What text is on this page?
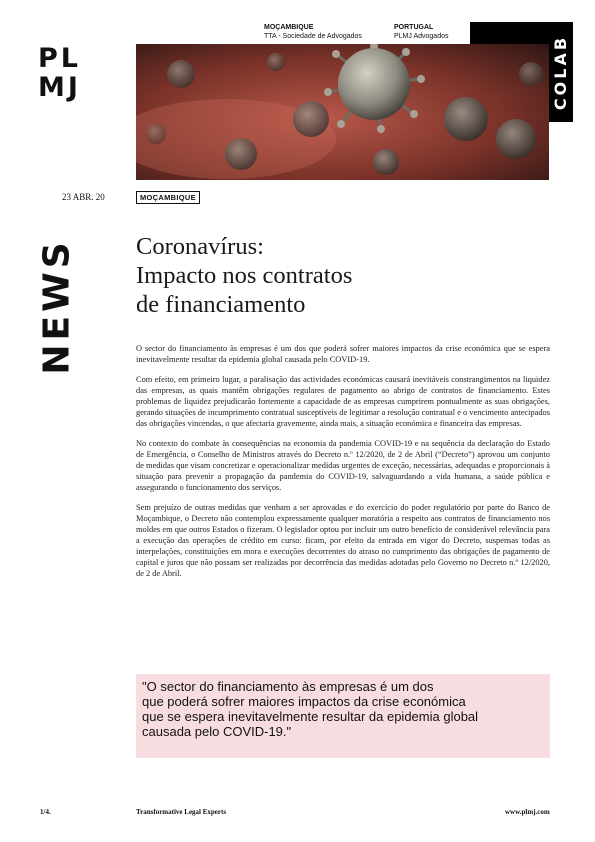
PL
MJ
MOÇAMBIQUE
TTA - Sociedade de Advogados
PORTUGAL
PLMJ Advogados	COLAB
23 ABR. 20	MOÇAMBIQUE
NEWS Coronavírus:
Impacto nos contratos
de financiamento

O sector do financiamento às empresas é um dos que poderá sofrer maiores impactos da crise económica que se espera inevitavelmente resultar da epidemia global causada pelo COVID-19.

Com efeito, em primeiro lugar, a paralisação das actividades económicas causará inevitáveis constrangimentos na liquidez das empresas, as quais mantêm obrigações regulares de pagamento ao abrigo de contratos de financiamento. Estes problemas de liquidez prejudicarão fortemente a capacidade de as empresas cumprirem pontualmente as suas obrigações, gerando situações de incumprimento contratual susceptíveis de legitimar a resolução contratual e o vencimento antecipados das obrigações vincendas, o que afectaria gravemente, ainda mais, a situação económica e financeira das empresas.

No contexto do combate às consequências na economia da pandemia COVID-19 e na sequência da declaração do Estado de Emergência, o Conselho de Ministros através do Decreto n.º 12/2020, de 2 de Abril (“Decreto”) aprovou um conjunto de medidas que visam concretizar e operacionalizar medidas urgentes de exceção, necessárias, adequadas e proporcionais à situação para prevenir a propagação da pandemia do COVID-19, salvaguardando a vida humana, a saúde pública e assegurando o funcionamento dos serviços.

Sem prejuízo de outras medidas que venham a ser aprovadas e do exercício do poder regulatório por parte do Banco de Moçambique, o Decreto não contemplou expressamente qualquer moratória a respeito aos contratos de financiamento nos moldes em que outros Estados o fizeram. O legislador optou por incluir um outro benefício de considerável relevância para a execução das operações de crédito em curso: ficam, por efeito da entrada em vigor do Decreto, suspensas todas as interpelações, constituições em mora e execuções decorrentes do atraso no cumprimento das obrigações de pagamento de capital e juros que não possam ser realizadas por decorrência das medidas adotadas pelo Governo no Decreto n.º 12/2020, de 2 de Abril.

"O sector do financiamento às empresas é um dos
que poderá sofrer maiores impactos da crise económica
que se espera inevitavelmente resultar da epidemia global
causada pelo COVID-19."
1/4.	Transformative Legal Experts	www.plmj.com
